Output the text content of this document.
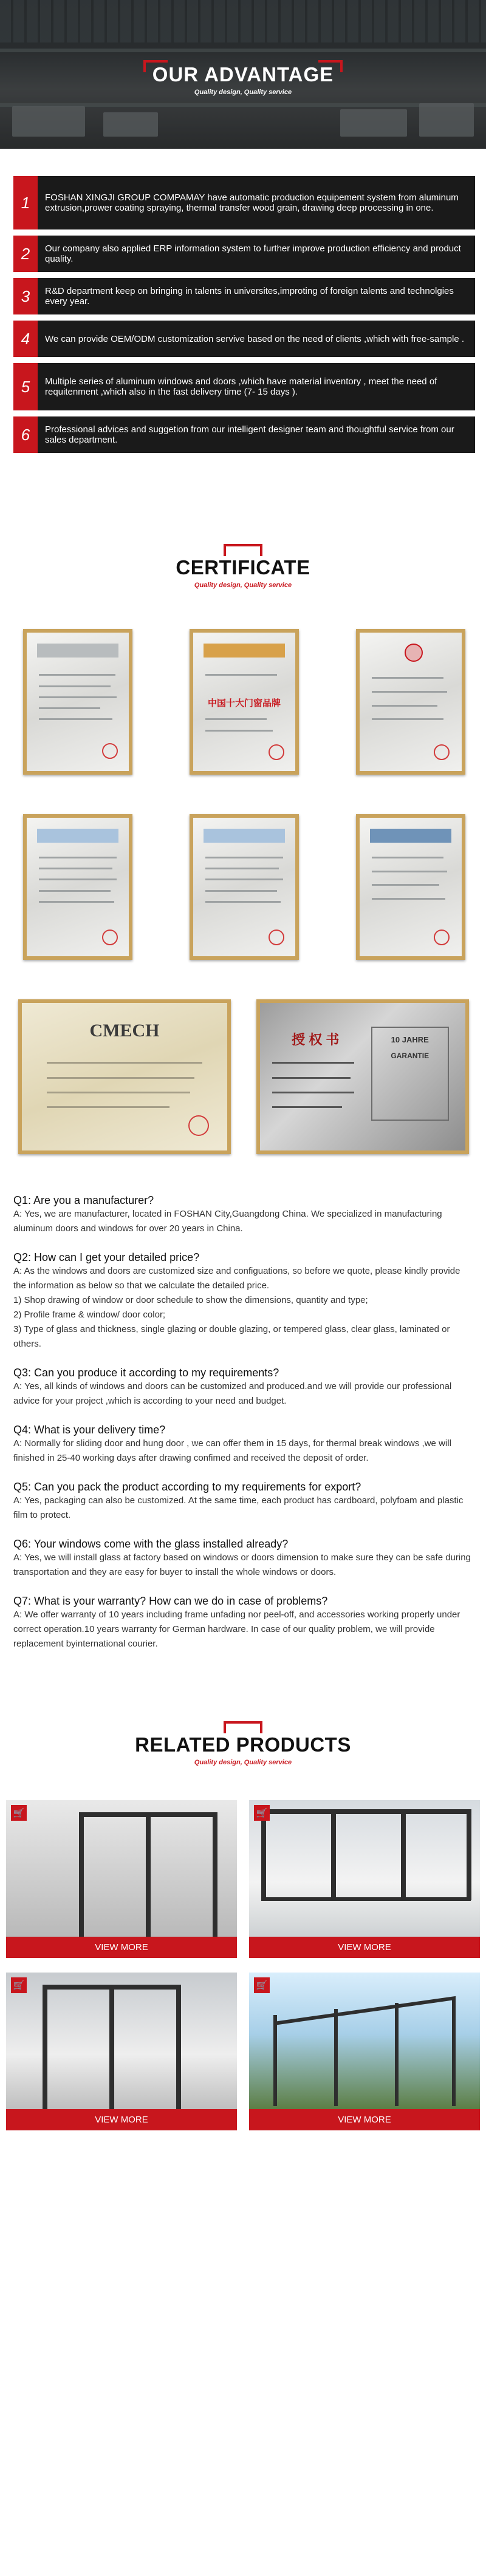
OUR ADVANTAGE
Quality design, Quality service
1	FOSHAN XINGJI GROUP COMPAMAY have automatic production equipement system from aluminum extrusion,prower coating spraying, thermal transfer wood grain, drawing deep processing in one.
2	Our company also applied ERP information system to further improve production efficiency and product quality.
3	R&D department keep on bringing in talents in universites,improting of foreign talents and technolgies every year.
4	We can provide OEM/ODM customization servive based on the need of clients ,which with free-sample .
5	Multiple series of aluminum windows and doors ,which have material inventory , meet the need of requitenment ,which also in the fast delivery time (7- 15 days ).
6	Professional advices and suggetion from our intelligent designer team and thoughtful service from our sales department.
CERTIFICATE
Quality design, Quality service
中国十大门窗品牌
CMECH	授 权 书	10 JAHRE
GARANTIE
Q1: Are you a manufacturer?
A: Yes, we are manufacturer, located in FOSHAN City,Guangdong China. We specialized in manufacturing aluminum doors and windows for over 20 years in China.
Q2: How can I get your detailed price?
A: As the windows and doors are customized size and configuations, so before we quote, please kindly provide the information as below so that we calculate the detailed price.
1) Shop drawing of window or door schedule to show the dimensions, quantity and type;
2) Profile frame & window/ door color;
3) Type of glass and thickness, single glazing or double glazing, or tempered glass, clear glass, laminated or others.
Q3: Can you produce it according to my requirements?
A: Yes, all kinds of windows and doors can be customized and produced.and we will provide our professional advice for your project ,which is according to your need and budget.
Q4: What is your delivery time?
A: Normally for sliding door and hung door , we can offer them in 15 days, for thermal break windows ,we will finished in 25-40 working days after drawing confimed and received the deposit of order.
Q5: Can you pack the product according to my requirements for export?
A: Yes, packaging can also be customized. At the same time, each product has cardboard, polyfoam and plastic film to protect.
Q6: Your windows come with the glass installed already?
A: Yes, we will install glass at factory based on windows or doors dimension to make sure they can be safe during transportation and they are easy for buyer to install the whole windows or doors.
Q7: What is your warranty? How can we do in case of problems?
A: We offer warranty of 10 years including frame unfading nor peel-off, and accessories working properly under correct operation.10 years warranty for German hardware. In case of our quality problem, we will provide replacement byinternational courier.
RELATED PRODUCTS
Quality design, Quality service
🛒
VIEW MORE
🛒
VIEW MORE
🛒
VIEW MORE
🛒
VIEW MORE
